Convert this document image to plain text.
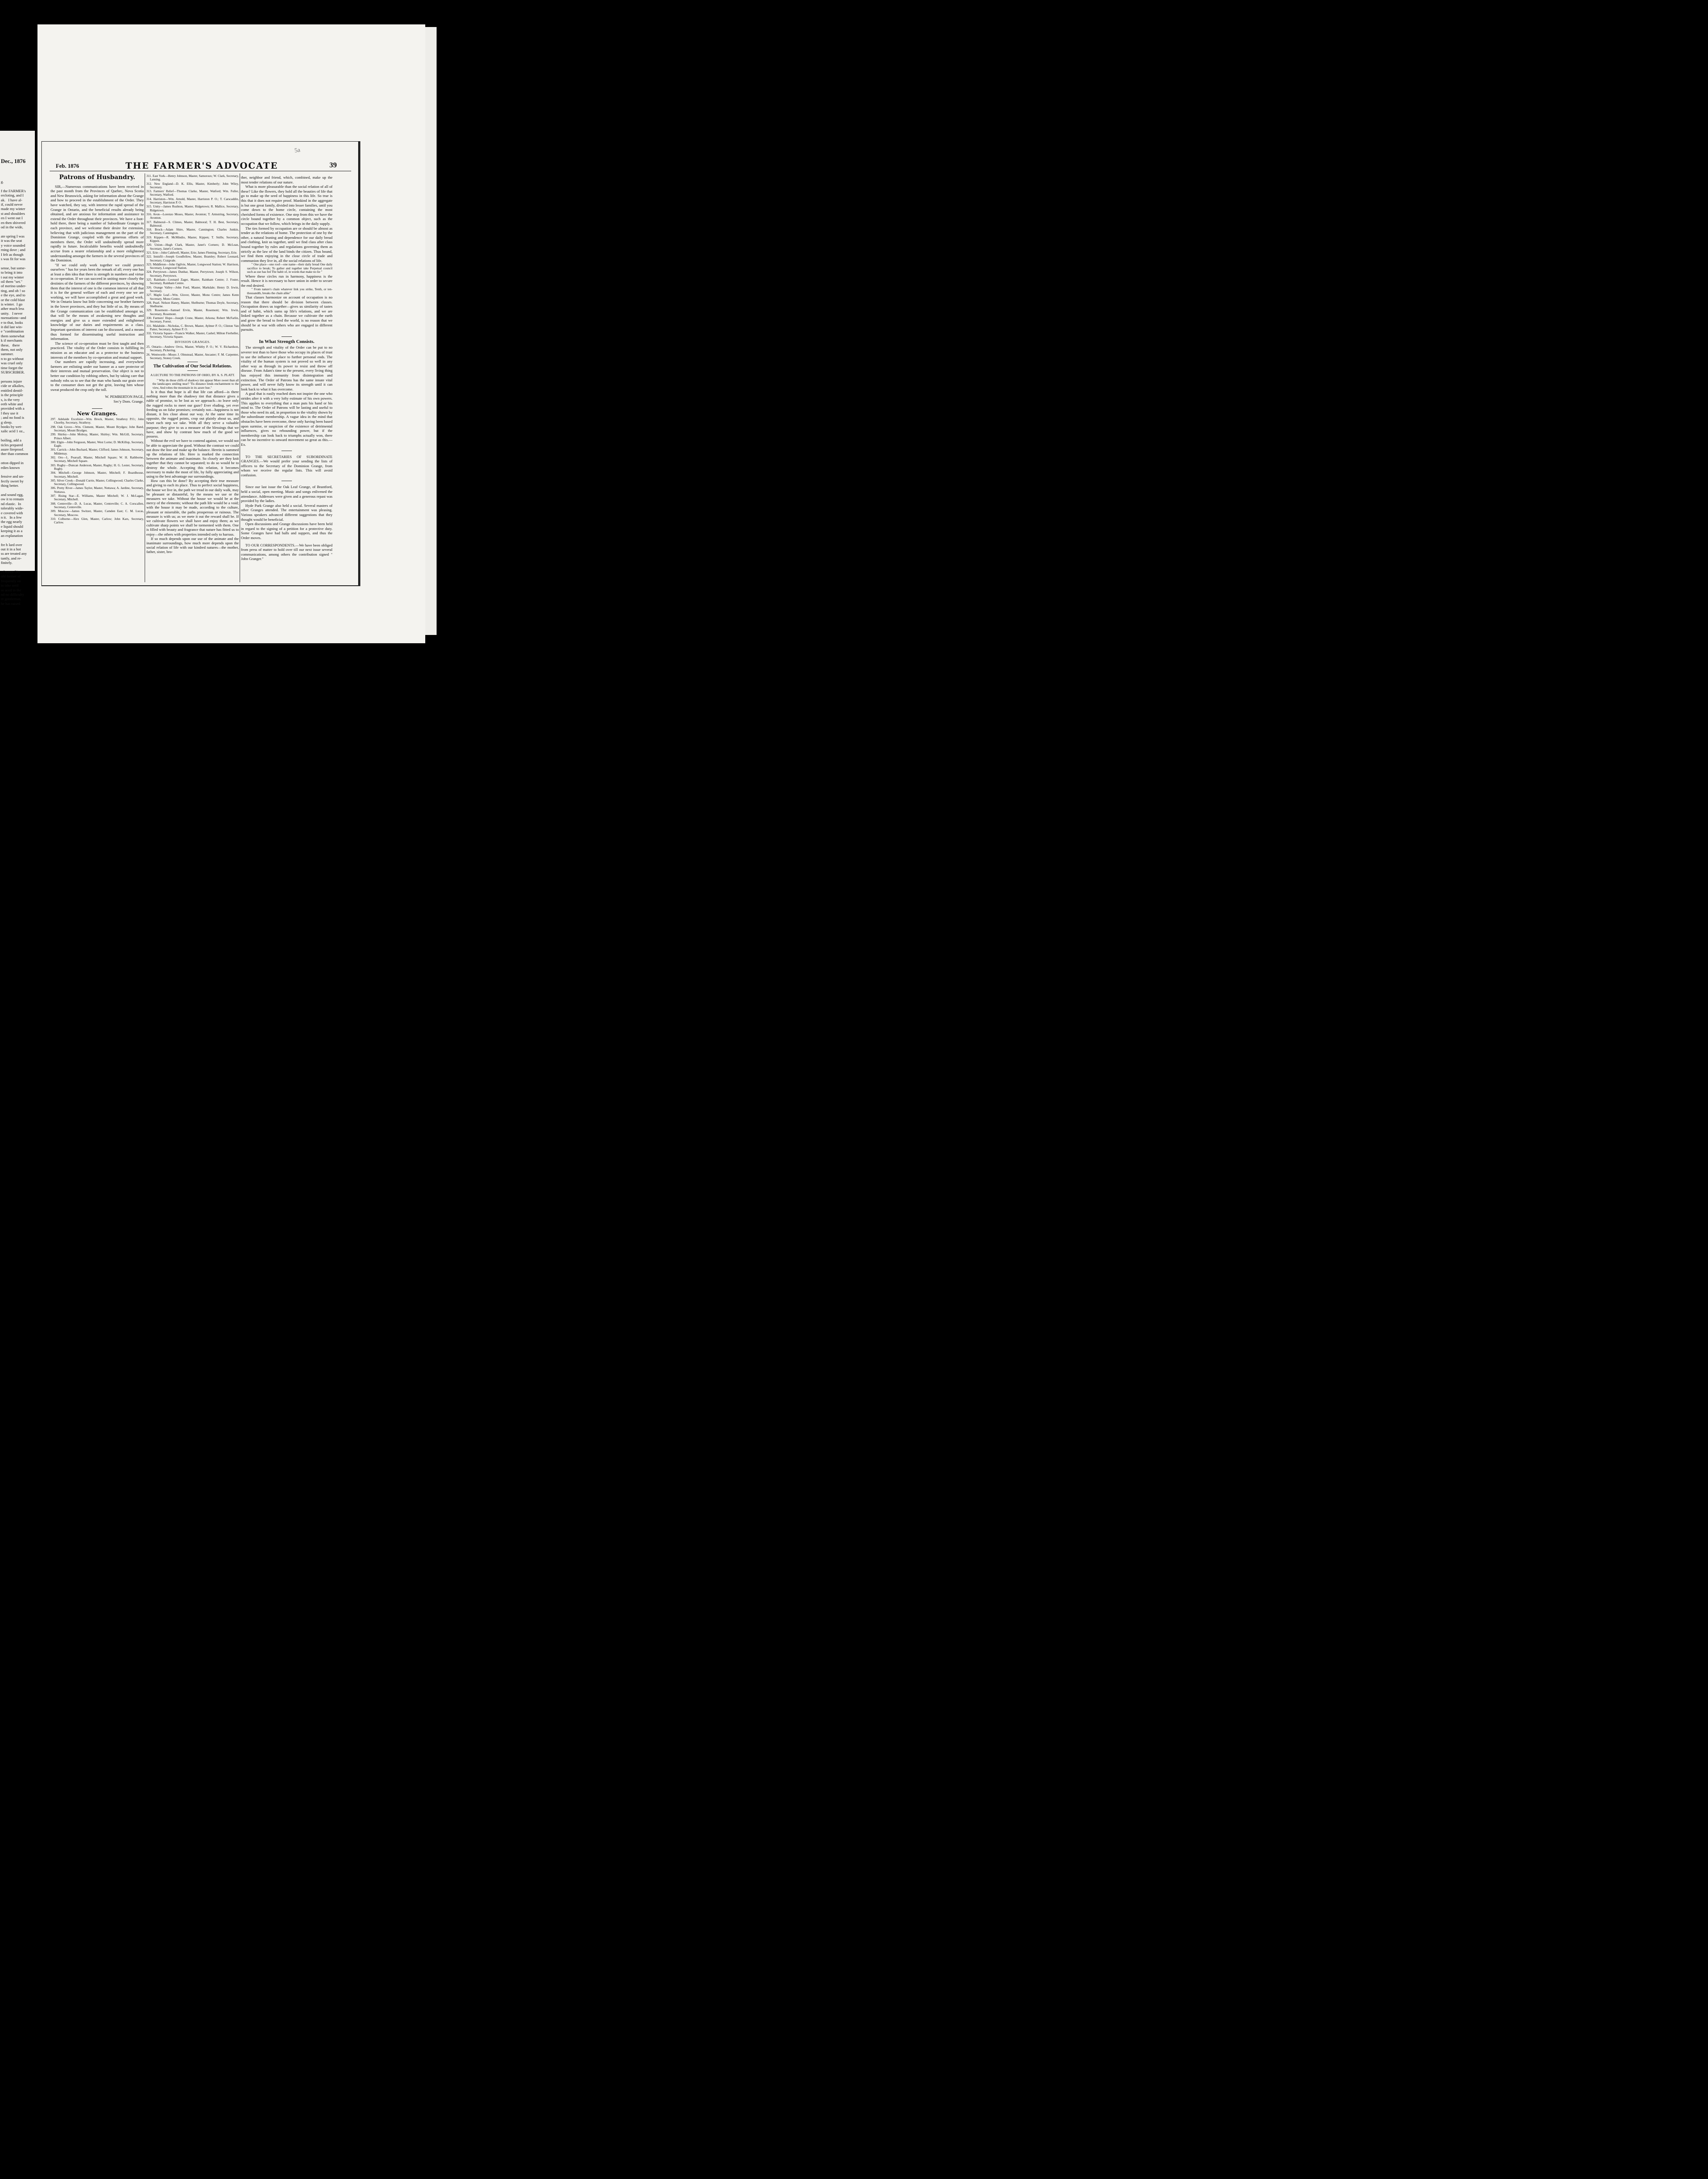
Dec., 1876
g.

f the FARMER's
ercloting, and I
ak.   I have al-
if, could never
made my winter
st and shoulders
en I went out I
en then shivered
od in the wide,

ate spring I was
it was the seat
y voice sounded
rning dove ; and
I felt as though
s was fit for was

sense, but some-
to bring it into
t out my winter
oil them "set."
of merino under-
ting, and oh ! so
e the eye, and to
or the cold blast
is winter.  I go
ather much less
unity.   I never
nsensations--and
e to that, looks
it did last win-
e "combination
them somewhat
k if merchants
these,   there
them, not only
summer.
n to go without
was cruel only
time forget the
SUBSCRIBER.

persons injure
cide or alkalies,
entitled dentif-
is the principle
s, is the very
eeth white and
provided with a
l they use it
; and no food is
g sleep.
books by wet-
xalic acid 1 oz.,

boiling, add a
ticles prepared
asure fireproof.
ther than common

otton dipped in
edies known

fensive and un-
fectly sweet by
thing better.

and sound egg,
ow it to remain
nd elastic.  In
tolerably wide-
e covered with
n it.   In a few
the egg nearly
e liquid should
keeping it as a
an explanation

fre h lard over
out it in a hot
ss are treated any
tantly, and re-
finitely.

, Ottawa Dis-
old farmer of
frequently on
to take until
se aced in the
nd no difficulty
er gentleman,
he has raised
5a
Feb. 1876	THE FARMER'S ADVOCATE	39
Patrons of Husbandry.

SIR,—Numerous communications have been received in the past month from the Provinces of Quebec, Nova Scotia and New Brunswick, asking for information about the Grange and how to proceed in the establishment of the Order. They have watched, they say, with interest the rapid spread of the Grange in Ontario, and the beneficial results already being obtained, and are anxious for information and assistance to extend the Order throughout their provinces. We have a foot-hold there, there being a number of Subordinate Granges in each province, and we welcome their desire for extension, believing that with judicious management on the part of the Dominion Grange, coupled with the generous efforts of members there, the Order will undoubtedly spread more rapidly in future. Incalculable benefits would undoubtedly accrue from a nearer relationship and a more enlightened understanding amongst the farmers in the several provinces of the Dominion.

"If we could only work together we could protect ourselves " has for years been the remark of all; every one has at least a dim idea that there is strength in numbers and virtue in co-operation. If we can succeed in uniting more closely the destinies of the farmers of the different provinces, by showing them that the interest of one is the common interest of all that it is for the general welfare of each and every one we are working, we will have accomplished a great and good work. We in Ontario know but little concerning our brother farmers in the lower provinces, and they but little of us. By means of the Grange communication can be established amongst us, that will be the means of awakening new thoughts and energies and give us a more extended and enlightened knowledge of our duties and requirements as a class. Important questions of interest can be discussed, and a means thus formed for disseminating useful instruction and information.

The science of co-operation must be first taught and then practiced. The vitality of the Order consists in fulfilling its mission as an educator and as a protector to the business interests of the members by co-operation and mutual support.

Our numbers are rapidly increasing, and everywhere farmers are enlisting under our banner as a sure protector of their interests and mutual preservation. Our object is not to better our condition by robbing others, but by taking care that nobody robs us to see that the man who hands our grain over to the consumer does not get the grist, leaving him whose sweat produced the crop only the toll.

W. PEMBERTON PAGE,
Sec'y Dom. Grange.
New Granges.
297. Adelaide Excelsior—Wm. Brock, Master, Strathroy P.O.; John Chorthy, Secretary, Strathroy.
298. Oak Grove—Wm. Clement, Master, Mount Brydges; John Band, Secretary, Mount Brydges.
299. Shirley—John Mobray, Master, Shirley; Wm. McGill, Secretary, Prince Albert.
300. Elgin—John Ferguson, Master, West Lorne; D. McKillop, Secretary, Eagle.
301. Carrick—John Buchard, Master, Clifford; James Johnson, Secretary, Mildemay.
302. Oro—L. Pearsall, Master, Mitchell Square; W. H. Rathborne, Secretary, Mitchell Square.
303. Rugby—Duncan Anderson, Master, Rugby; H. G. Lester, Secretary, Rugby.
304. Mitchell—George Johnson, Master, Mitchell; F. Boardhouse, Secretary, Mitchell.
305. Silver Creek—Donald Currie, Master, Collingwood; Charles Clarke, Secretary, Collingwood.
306. Pretty River—James Taylor, Master, Nottawa; A. Jardine, Secretary, Nottawa.
307. Rising Star—E. Williams, Master Mitchell; W. J. McLagan, Secretary, Mitchell.
308. Centreville—D. A. Lucas, Master, Centreville; C. A. Corscallen, Secretary, Centreville.
309. Moscow—James Switzer, Master, Camden East; C. M. Lucas, Secretary, Moscow.
310. Colborne—Alex Glen, Master, Carlow; John Kars, Secretary, Carlow.
311. East York—Henry Johnson, Master, Samoroux; W. Clark, Secretary, Lansing.
312. New England—D. K. Ellis, Master, Kimberly; John Wiley, Secretary.
313. Farmers' Relief—Thomas Clarke, Master, Watford; Wm. Fuller, Secretary, Watford.
314. Harriston—Wm. Arnold, Master, Harriston P. O.; T. Carscaddin, Secretary, Harriston P. O.
315. Unity—James Rushton, Master, Ridgetown; R. Mallice, Secretary, Ridgetown.
316. Avon—Lorenzo Moses, Master, Avonton; T. Armstring, Secretary, Avonton.
317. Balmoral—S. Climes, Master, Balmoral; T. H. Best, Secretary, Balmoral.
318. Brock—Adam Shire, Master, Cannington; Charles Junkin, Secretary, Cannington.
319. Kippen—R. McMindio, Master, Kippen; T. Snille, Secretary, Kippen.
320. Union—Hugh Clark, Master, Janet's Corners; D. McLean, Secretary, Janet's Corners.
321. Erie—John Caldwell, Master, Erie; James Fleming, Secretary, Erie.
322. Innisfil—Joseph Goodfellow, Master, Bramley; Robert Leonard, Secretary, Craigvale.
323. Middleton—John Ogilvie, Master, Longwood Station; W. Harrison, Secretary, Longwood Station.
324. Perrytown—James Dunbar, Master, Perrytown; Joseph S. Wilson, Secretary, Perrytown.
325. Rainham—Leonard Zager, Master, Rainham Centre; J. Foster, Secretary, Rainham Centre.
326. Orange Valley—John Ford, Master, Markdale; Henry D. Irwin, Secretary.
327. Maple Leaf—Wm. Glover, Master, Mono Centre; James Kenn Secretary, Mono Centre.
328. Pearl. Nelson Haney, Master, Shelburne; Thomas Doyle, Secretary, Shelburne.
329. Rosemont—Samuel Ervin, Master, Rosemont; Wm. Irwin, Secretary, Rosemont.
330. Farmers' Hope—Joseph Crone, Master, Arkona; Robert McFarlin, Secretary, Forest.
331. Malahide—Nicholas, C. Brown, Master, Aylmer P. O.; Clinton Van Patter, Secretary, Aylmer P. O.
332. Victoria Square—Francis Walker, Master, Cashel; Milton Fierheller, Secretary, Victoria Square.
DIVISION GRANGES.
25. Ontario—Andrew Orvis, Master, Whitby P. O.; W. V. Richardson, Secretary, Pickering.
26. Wentworth—Moses J. Olmstead, Master, Ancaster; F. M. Carpenter, Secretary, Stoney Creek.
The Cultivation of Our Social Relations.
A LECTURE TO THE PATRONS OF OHIO, BY A. S. PLATT.

" Why do those cliffs of shadowy tint appear More sweet than all the landscapes smiling near? 'Tis distance lends enchantment to the view, And robes the mountain in its azure hue."

Is it thus that hope is all that life can afford—is there nothing more than the shadowy tint that distance gives a ruble of promise, to be lost as we approach—to leave only the rugged rocks to meet our gaze? Ever eluding, yet ever feeding us on false promises; certainly not—happiness is not distant, it lies close about our way. At the same time its opposite, the rugged points, crop out plainly about us, and beset each step we take. With all they serve a valuable purpose; they give to us a measure of the blessings that we have, and show by contrast how much of the good we possess.

Without the evil we have to contend against, we would not be able to appreciate the good. Without the contrast we could not draw the line and make up the balance. Herein is summed up the relations of life. Here is marked the connection between the animate and inanimate. So closely are they knit together that they cannot be separated; to do so would be to destroy the whole. Accepting this relation, it becomes necessary to make the most of life, by fully appreciating and using to the best advantage our surroundings.

How can this be done? By accepting their true measure and giving to each its place. Thus to perfect social happiness, the house we live in, the path we tread in our daily walk, may be pleasant or distasteful, by the means we use or the measures we take. Without the house we would be at the mercy of the elements; without the path life would be a void; with the house it may be made, according to the culture, pleasant or miserable, the paths prosperous or ruinous. The measure is with us; as we mete it out the reward shall be. If we cultivate flowers we shall have and enjoy them; as we cultivate sharp points we shall be tormented with them. One is filled with beauty and fragrance that nature has fitted us to enjoy—the others with properties intended only to harrass.

If so much depends upon our use of the animate and the inanimate surroundings, how much more depends upon the social relation of life with our kindred natures—the mother, father, sister, bro-

ther, neighbor and friend, which, combined, make up the most tender relations of our nature.

What is more pleasurable than the social relation of all of these? Like the flowers, they hold all the beauties of life that go to make up the seed of happiness in this life. So true is this that it does not require proof. Mankind in the aggregate is but one great family, divided into lesser families, until you come down to the home circle, containing the most cherished forms of existence. One step from this we have the circle bound together by a common object, such as the occupation that we follow, which brings in the daily supply.

The ties formed by occupation are or should be almost as tender as the relations of home. The protection of one by the other, a natural leaning and dependence for our daily bread and clothing, knit us together, until we find class after class bound together by rules and regulations governing them as strictly as the law of the land binds the citizen. Thus bound, we find them enjoying in the close circle of trade and communion they live in, all the social relations of life.

" One place—one roof—one name—their daily bread One daily sacrifice to break; To gather and together take Perpetual council such as use has fed The habit of, in words that make no lie "

Where these circles run in harmony, happiness is the result. Hence it is necessary to have union in order to secure the end desired.

" From nature's chain whatever link you strike, Tenth, or ten-thousandth, breaks the chain alike"

That classes harmonize on account of occupation is no reason that there should be division between classes. Occupation draws us together—gives us similarity of tastes and of habit, which sums up life's relations, and we are linked together as a chain. Because we cultivate the earth and grow the bread to feed the world, is no reason that we should be at war with others who are engaged in different pursuits.

In What Strength Consists.

The strength and vitality of the Order can be put to no severer test than to have those who occupy its places of trust to use the influence of place to further personal ends. The vitality of the human system is not proved so well in any other way as through its power to resist and throw off disease. From Adam's time to the present, every living thing has enjoyed this immunity from disintegration and extinction. The Order of Patrons has the same innate vital power, and will never fully know its strength until it can look back to what it has overcome.

A goal that is easily reached does not inspire the one who strides after it with a very lofty estimate of his own powers. This applies to everything that a man puts his hand or his mind to. The Order of Patrons will be lasting and useful to those who need its aid, in proportion to the vitality shown by the subordinate membership. A vague idea in the mind that obstacles have been overcome, these only having been based upon surmise, or suspicion of the existence of detrimental influences, gives no rebounding power, but if the membership can look back to triumphs actually won, there can be no incentive to onward movement so great as this.—Ex.

TO THE SECRETARIES OF SUBORDINATE GRANGES.—We would prefer your sending the lists of officers to the Secretary of the Dominion Grange, from whom we receive the regular lists. This will avoid confusion.

Since our last issue the Oak Leaf Grange, of Brantford, held a social, open meeting. Music and songs enlivened the attendance. Addresses were given and a generous repast was provided by the ladies.

Hyde Park Grange also held a social. Several masters of other Granges attended. The entertainment was pleasing. Various speakers advanced different suggestions that they thought would be beneficial.

Open discussions and Grange discussions have been held in regard to the signing of a petition for a protective duty. Some Granges have had balls and suppers, and thus the Order moves.

TO OUR CORRESPONDENTS.—We have been obliged from press of matter to hold over till our next issue several communications, among others the contribution signed " John Granger."
